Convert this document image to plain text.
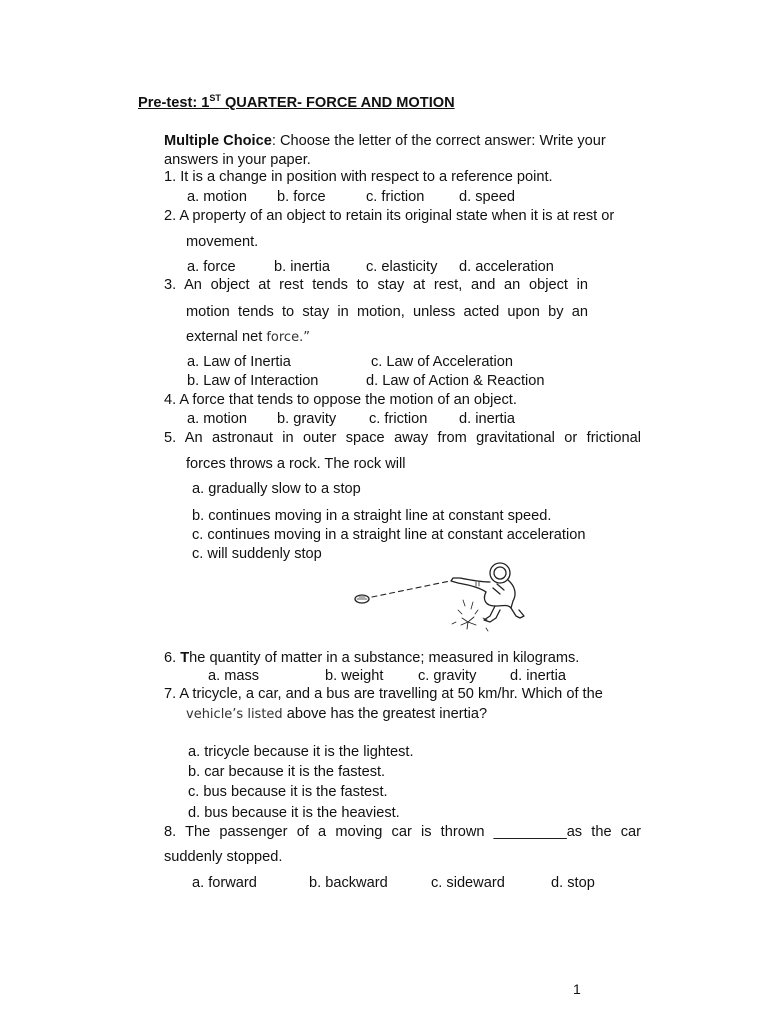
Pre-test: 1ST QUARTER- FORCE AND MOTION
Multiple Choice: Choose the letter of the correct answer: Write your
answers in your paper.
1. It is a change in position with respect to a reference point.
a. motion b. force	c. friction d. speed
2. A property of an object to retain its original state when it is at rest or
movement.
a. force	b. inertia c. elasticity d. acceleration
3. An object at rest tends to stay at rest, and an object in
motion tends to stay in motion, unless acted upon by an
external net force.”
a. Law of Inertia	c. Law of Acceleration
b. Law of Interaction	d. Law of Action & Reaction
4. A force that tends to oppose the motion of an object.
a. motion b. gravity c. friction d. inertia
5. An astronaut in outer space away from gravitational or frictional
forces throws a rock. The rock will
a. gradually slow to a stop
b. continues moving in a straight line at constant speed.
c. continues moving in a straight line at constant acceleration
c. will suddenly stop
6. The quantity of matter in a substance; measured in kilograms.
a. mass	b. weight c. gravity d. inertia
7. A tricycle, a car, and a bus are travelling at 50 km/hr. Which of the
vehicle’s listed above has the greatest inertia?
a. tricycle because it is the lightest.
b. car because it is the fastest.
c. bus because it is the fastest.
d. bus because it is the heaviest.
8. The passenger of a moving car is thrown _________as the car
suddenly stopped.
a. forward	b. backward	c. sideward	d. stop
1
